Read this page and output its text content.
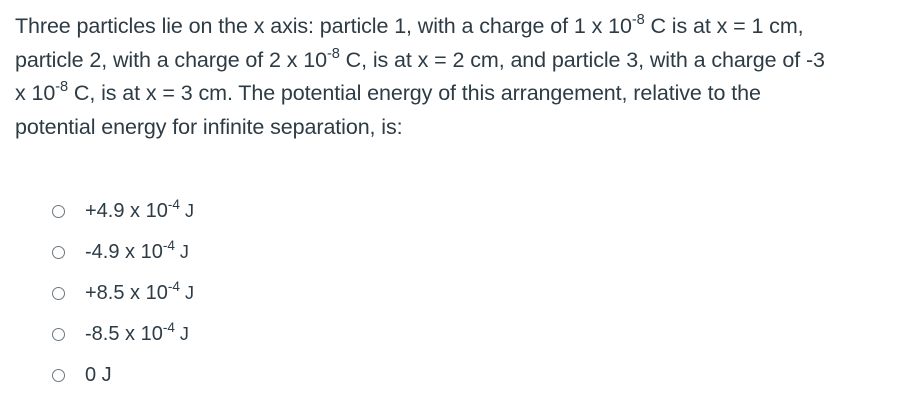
Three particles lie on the x axis: particle 1, with a charge of 1 x $10^{-8}$ C is at x = 1 cm,
particle 2, with a charge of 2 x $10^{-8}$ C, is at x = 2 cm, and particle 3, with a charge of -3
x $10^{-8}$ C, is at x = 3 cm. The potential energy of this arrangement, relative to the
potential energy for infinite separation, is:
+4.9 x $10^{-4}$ J
-4.9 x $10^{-4}$ J
+8.5 x $10^{-4}$ J
-8.5 x $10^{-4}$ J
0 J
